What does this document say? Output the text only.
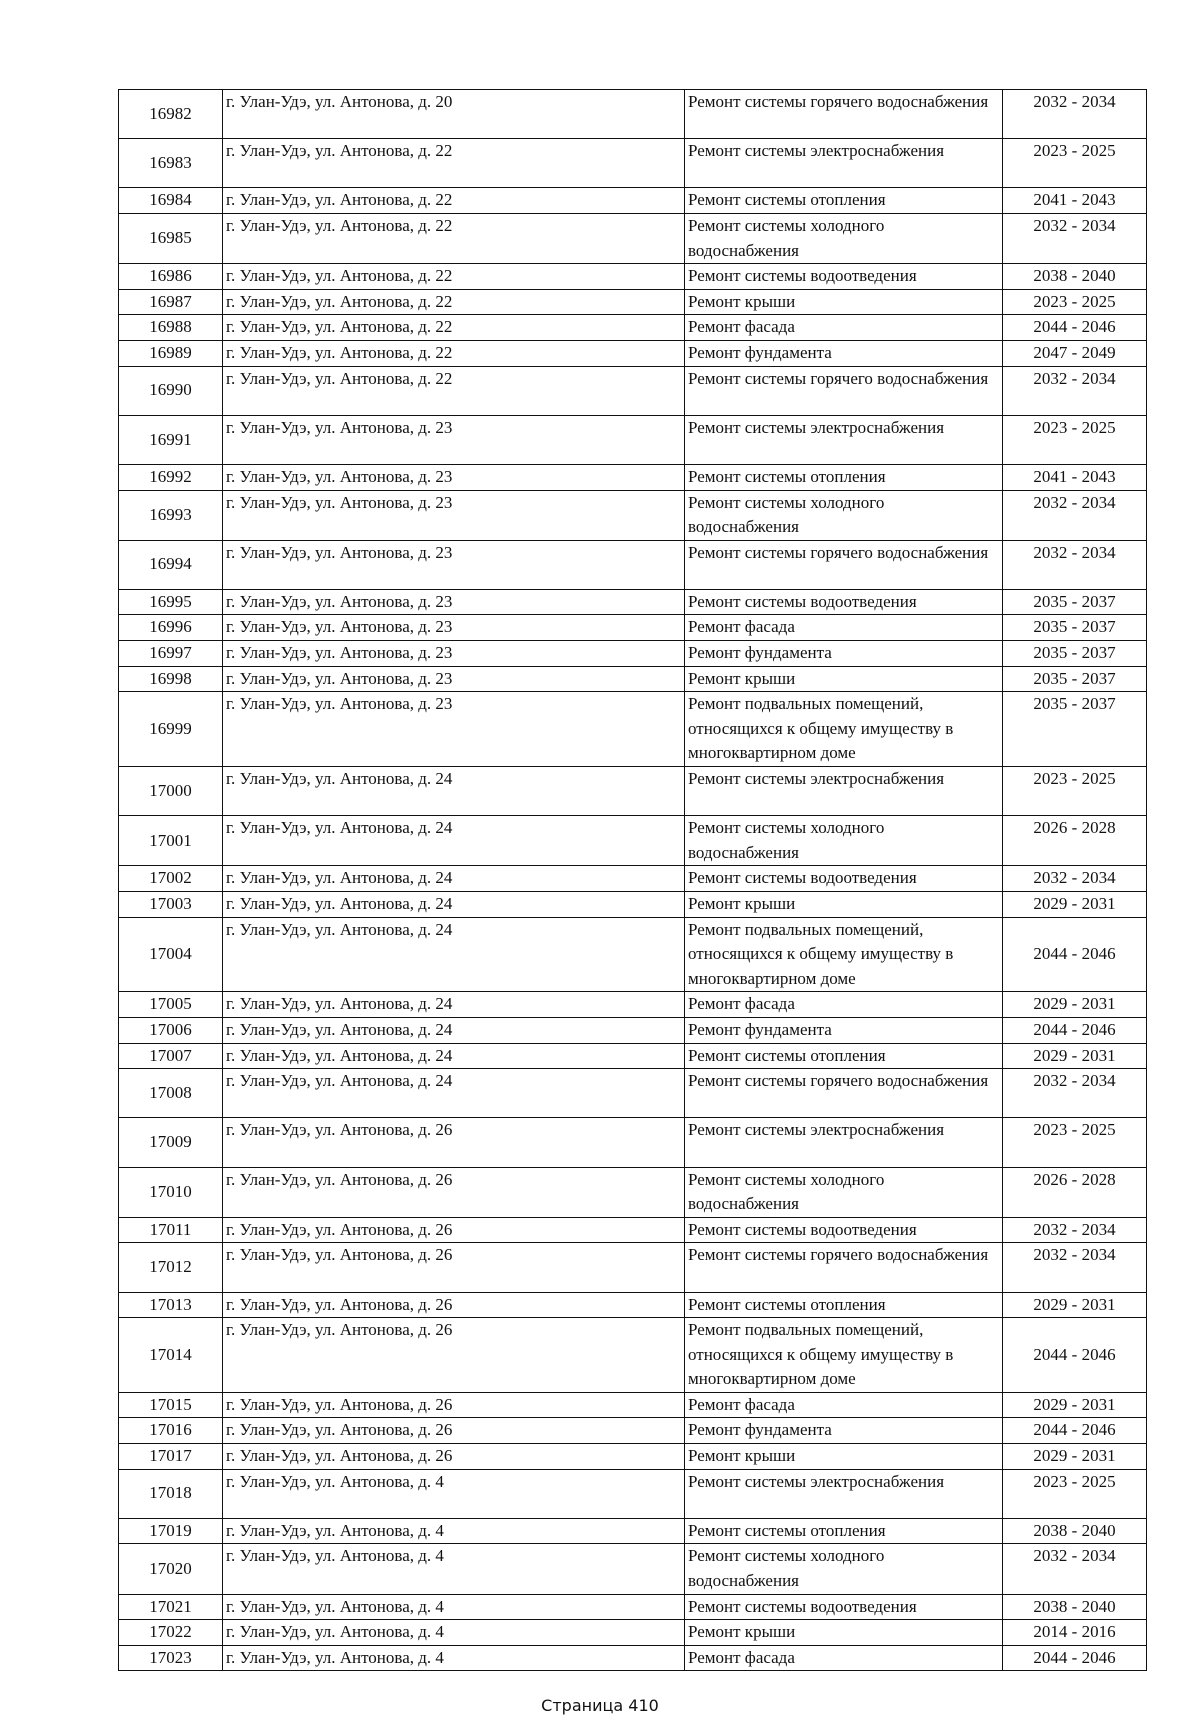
16982	г. Улан-Удэ, ул. Антонова, д. 20	Ремонт системы горячего водоснабжения	2032 - 2034
16983	г. Улан-Удэ, ул. Антонова, д. 22	Ремонт системы электроснабжения	2023 - 2025
16984	г. Улан-Удэ, ул. Антонова, д. 22	Ремонт системы отопления	2041 - 2043
16985	г. Улан-Удэ, ул. Антонова, д. 22	Ремонт системы холодного водоснабжения	2032 - 2034
16986	г. Улан-Удэ, ул. Антонова, д. 22	Ремонт системы водоотведения	2038 - 2040
16987	г. Улан-Удэ, ул. Антонова, д. 22	Ремонт крыши	2023 - 2025
16988	г. Улан-Удэ, ул. Антонова, д. 22	Ремонт фасада	2044 - 2046
16989	г. Улан-Удэ, ул. Антонова, д. 22	Ремонт фундамента	2047 - 2049
16990	г. Улан-Удэ, ул. Антонова, д. 22	Ремонт системы горячего водоснабжения	2032 - 2034
16991	г. Улан-Удэ, ул. Антонова, д. 23	Ремонт системы электроснабжения	2023 - 2025
16992	г. Улан-Удэ, ул. Антонова, д. 23	Ремонт системы отопления	2041 - 2043
16993	г. Улан-Удэ, ул. Антонова, д. 23	Ремонт системы холодного водоснабжения	2032 - 2034
16994	г. Улан-Удэ, ул. Антонова, д. 23	Ремонт системы горячего водоснабжения	2032 - 2034
16995	г. Улан-Удэ, ул. Антонова, д. 23	Ремонт системы водоотведения	2035 - 2037
16996	г. Улан-Удэ, ул. Антонова, д. 23	Ремонт фасада	2035 - 2037
16997	г. Улан-Удэ, ул. Антонова, д. 23	Ремонт фундамента	2035 - 2037
16998	г. Улан-Удэ, ул. Антонова, д. 23	Ремонт крыши	2035 - 2037
16999	г. Улан-Удэ, ул. Антонова, д. 23	Ремонт подвальных помещений, относящихся к общему имуществу в многоквартирном доме	2035 - 2037
17000	г. Улан-Удэ, ул. Антонова, д. 24	Ремонт системы электроснабжения	2023 - 2025
17001	г. Улан-Удэ, ул. Антонова, д. 24	Ремонт системы холодного водоснабжения	2026 - 2028
17002	г. Улан-Удэ, ул. Антонова, д. 24	Ремонт системы водоотведения	2032 - 2034
17003	г. Улан-Удэ, ул. Антонова, д. 24	Ремонт крыши	2029 - 2031
17004	г. Улан-Удэ, ул. Антонова, д. 24	Ремонт подвальных помещений, относящихся к общему имуществу в многоквартирном доме	2044 - 2046
17005	г. Улан-Удэ, ул. Антонова, д. 24	Ремонт фасада	2029 - 2031
17006	г. Улан-Удэ, ул. Антонова, д. 24	Ремонт фундамента	2044 - 2046
17007	г. Улан-Удэ, ул. Антонова, д. 24	Ремонт системы отопления	2029 - 2031
17008	г. Улан-Удэ, ул. Антонова, д. 24	Ремонт системы горячего водоснабжения	2032 - 2034
17009	г. Улан-Удэ, ул. Антонова, д. 26	Ремонт системы электроснабжения	2023 - 2025
17010	г. Улан-Удэ, ул. Антонова, д. 26	Ремонт системы холодного водоснабжения	2026 - 2028
17011	г. Улан-Удэ, ул. Антонова, д. 26	Ремонт системы водоотведения	2032 - 2034
17012	г. Улан-Удэ, ул. Антонова, д. 26	Ремонт системы горячего водоснабжения	2032 - 2034
17013	г. Улан-Удэ, ул. Антонова, д. 26	Ремонт системы отопления	2029 - 2031
17014	г. Улан-Удэ, ул. Антонова, д. 26	Ремонт подвальных помещений, относящихся к общему имуществу в многоквартирном доме	2044 - 2046
17015	г. Улан-Удэ, ул. Антонова, д. 26	Ремонт фасада	2029 - 2031
17016	г. Улан-Удэ, ул. Антонова, д. 26	Ремонт фундамента	2044 - 2046
17017	г. Улан-Удэ, ул. Антонова, д. 26	Ремонт крыши	2029 - 2031
17018	г. Улан-Удэ, ул. Антонова, д. 4	Ремонт системы электроснабжения	2023 - 2025
17019	г. Улан-Удэ, ул. Антонова, д. 4	Ремонт системы отопления	2038 - 2040
17020	г. Улан-Удэ, ул. Антонова, д. 4	Ремонт системы холодного водоснабжения	2032 - 2034
17021	г. Улан-Удэ, ул. Антонова, д. 4	Ремонт системы водоотведения	2038 - 2040
17022	г. Улан-Удэ, ул. Антонова, д. 4	Ремонт крыши	2014 - 2016
17023	г. Улан-Удэ, ул. Антонова, д. 4	Ремонт фасада	2044 - 2046
Страница 410
